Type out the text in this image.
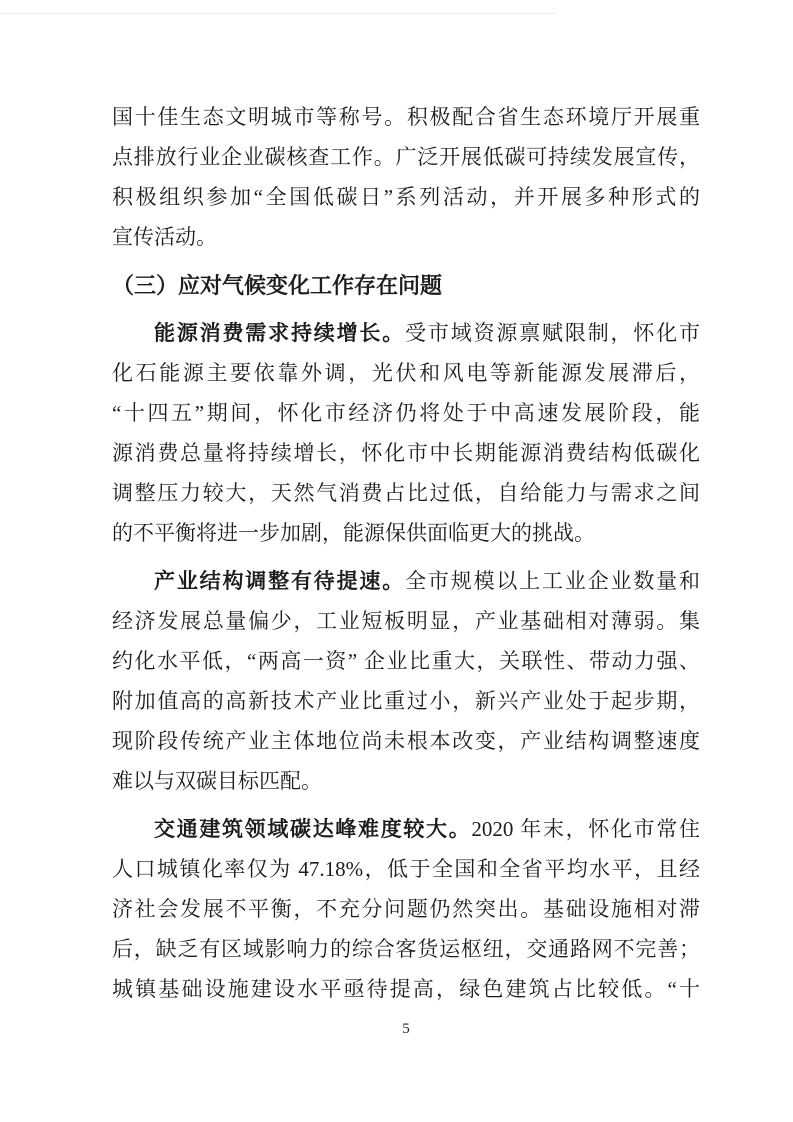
国十佳生态文明城市等称号。积极配合省生态环境厅开展重
点排放行业企业碳核查工作。广泛开展低碳可持续发展宣传，
积极组织参加“全国低碳日”系列活动，并开展多种形式的
宣传活动。
（三）应对气候变化工作存在问题
能源消费需求持续增长。受市域资源禀赋限制，怀化市
化石能源主要依靠外调，光伏和风电等新能源发展滞后，
“十四五”期间，怀化市经济仍将处于中高速发展阶段，能
源消费总量将持续增长，怀化市中长期能源消费结构低碳化
调整压力较大，天然气消费占比过低，自给能力与需求之间
的不平衡将进一步加剧，能源保供面临更大的挑战。
产业结构调整有待提速。全市规模以上工业企业数量和
经济发展总量偏少，工业短板明显，产业基础相对薄弱。集
约化水平低，“两高一资” 企业比重大，关联性、带动力强、
附加值高的高新技术产业比重过小，新兴产业处于起步期，
现阶段传统产业主体地位尚未根本改变，产业结构调整速度
难以与双碳目标匹配。
交通建筑领域碳达峰难度较大。2020 年末，怀化市常住
人口城镇化率仅为 47.18%，低于全国和全省平均水平，且经
济社会发展不平衡，不充分问题仍然突出。基础设施相对滞
后，缺乏有区域影响力的综合客货运枢纽，交通路网不完善；
城镇基础设施建设水平亟待提高，绿色建筑占比较低。“十
5
